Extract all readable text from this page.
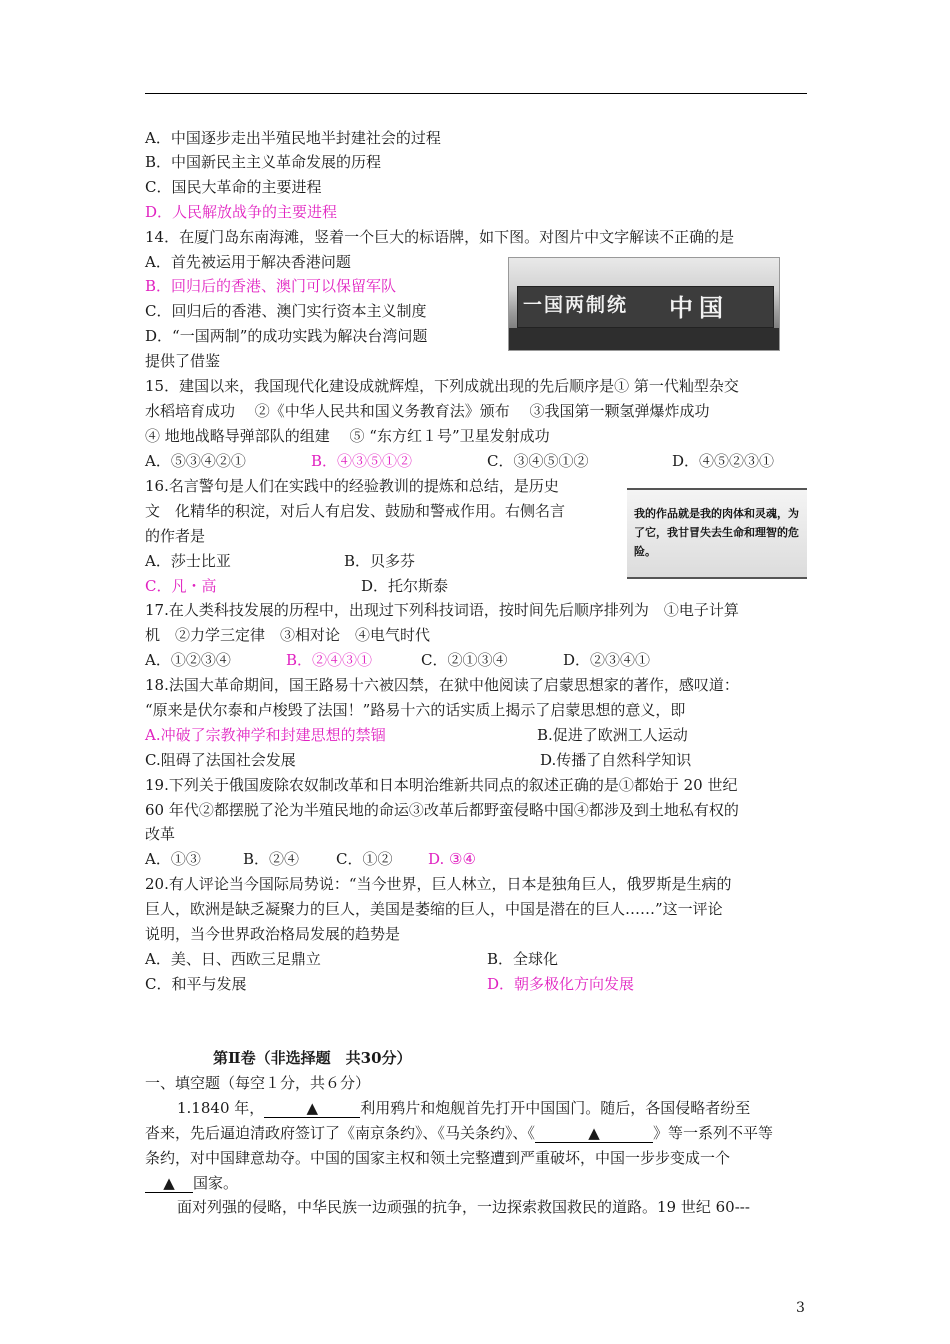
A．中国逐步走出半殖民地半封建社会的过程
B．中国新民主主义革命发展的历程
C．国民大革命的主要进程
D．人民解放战争的主要进程
14．在厦门岛东南海滩，竖着一个巨大的标语牌，如下图。对图片中文字解读不正确的是
A．首先被运用于解决香港问题
B．回归后的香港、澳门可以保留军队
C．回归后的香港、澳门实行资本主义制度
D．“一国两制”的成功实践为解决台湾问题
提供了借鉴
一国两制统 中国
15．建国以来，我国现代化建设成就辉煌，下列成就出现的先后顺序是① 第一代籼型杂交
水稻培育成功　 ②《中华人民共和国义务教育法》颁布　 ③我国第一颗氢弹爆炸成功
④ 地地战略导弹部队的组建　 ⑤ “东方红１号”卫星发射成功
A．⑤③④②①	B．④③⑤①②	C．③④⑤①②	D．④⑤②③①
16.名言警句是人们在实践中的经验教训的提炼和总结，是历史
文　化精华的积淀，对后人有启发、鼓励和警戒作用。右侧名言
的作者是
A．莎士比亚	B．贝多芬
C．凡・高	D．托尔斯泰
我的作品就是我的肉体和灵魂，为了它，我甘冒失去生命和理智的危险。
17.在人类科技发展的历程中，出现过下列科技词语，按时间先后顺序排列为　①电子计算
机　②力学三定律　③相对论　④电气时代
A．①②③④	B．②④③①	C．②①③④	D．②③④①
18.法国大革命期间，国王路易十六被囚禁，在狱中他阅读了启蒙思想家的著作，感叹道：
“原来是伏尔泰和卢梭毁了法国！”路易十六的话实质上揭示了启蒙思想的意义，即
A.冲破了宗教神学和封建思想的禁锢	B.促进了欧洲工人运动
C.阻碍了法国社会发展	D.传播了自然科学知识
19.下列关于俄国废除农奴制改革和日本明治维新共同点的叙述正确的是①都始于 20 世纪
60 年代②都摆脱了沦为半殖民地的命运③改革后都野蛮侵略中国④都涉及到土地私有权的
改革
A．①③	B．②④ C．①② D. ③④
20.有人评论当今国际局势说：“当今世界，巨人林立，日本是独角巨人，俄罗斯是生病的
巨人，欧洲是缺乏凝聚力的巨人，美国是萎缩的巨人，中国是潜在的巨人……”这一评论
说明，当今世界政治格局发展的趋势是
A．美、日、西欧三足鼎立	B．全球化
C．和平与发展	D．朝多极化方向发展
第Ⅱ卷（非选择题　共30分）
一、填空题（每空１分，共６分）
1.1840 年，	▲	利用鸦片和炮舰首先打开中国国门。随后，各国侵略者纷至
沓来，先后逼迫清政府签订了《南京条约》、《马关条约》、《	▲	》等一系列不平等
条约，对中国肆意劫夺。中国的国家主权和领土完整遭到严重破坏，中国一步步变成一个
▲ 国家。
面对列强的侵略，中华民族一边顽强的抗争，一边探索救国救民的道路。19 世纪 60---
3
